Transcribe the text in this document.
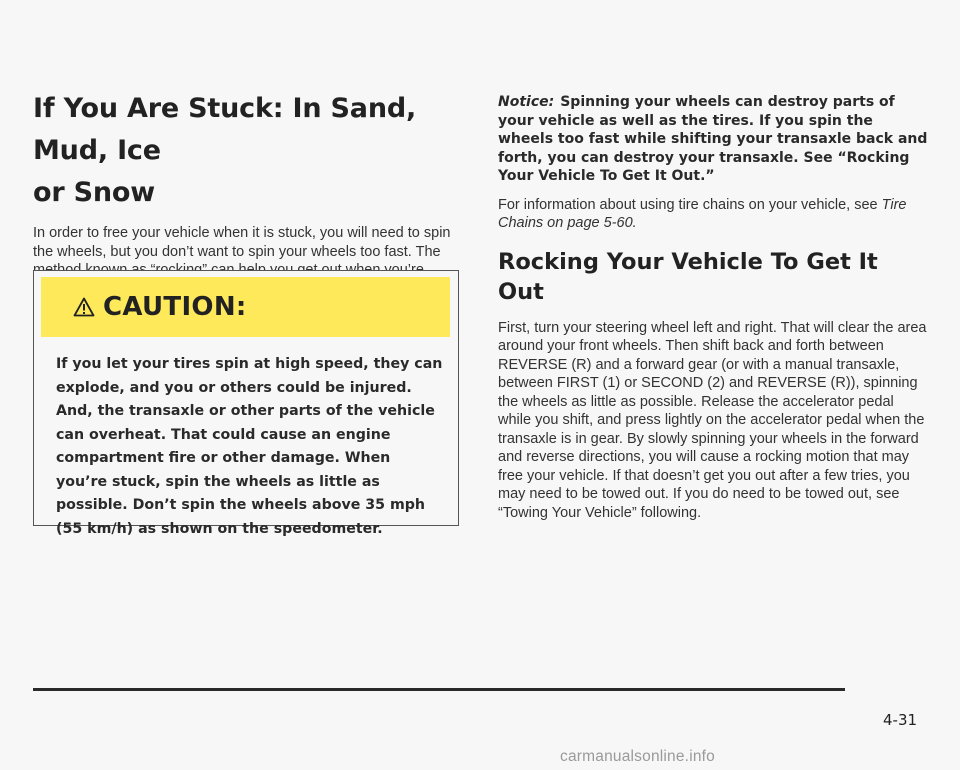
If You Are Stuck: In Sand, Mud, Ice
or Snow

In order to free your vehicle when it is stuck, you will need to spin the wheels, but you don’t want to spin your wheels too fast. The

CAUTION:

If you let your tires spin at high speed, they can explode, and you or others could be injured. And, the transaxle or other parts of the vehicle can overheat. That could cause an engine compartment fire or other damage. When you’re stuck, spin the wheels as little as possible. Don’t spin the wheels above 35 mph (55 km/h) as shown on the speedometer.

Notice: Spinning your wheels can destroy parts of your vehicle as well as the tires. If you spin the wheels too fast while shifting your transaxle back and forth, you can destroy your transaxle. See “Rocking Your Vehicle To Get It Out.”

For information about using tire chains on your vehicle, see Tire Chains on page 5-60.

Rocking Your Vehicle To Get It Out

First, turn your steering wheel left and right. That will clear the area around your front wheels. Then shift back and forth between REVERSE (R) and a forward gear (or with a manual transaxle, between FIRST (1) or SECOND (2) and REVERSE (R)), spinning the wheels as little as possible. Release the accelerator pedal while you shift, and press lightly on the accelerator pedal when the transaxle is in gear. By slowly spinning your wheels in the forward and reverse directions, you will cause a rocking motion that may free your vehicle. If that doesn’t get you out after a few tries, you may need to be towed out. If you do need to be towed out, see “Towing Your Vehicle” following.

4-31
carmanualsonline.info
